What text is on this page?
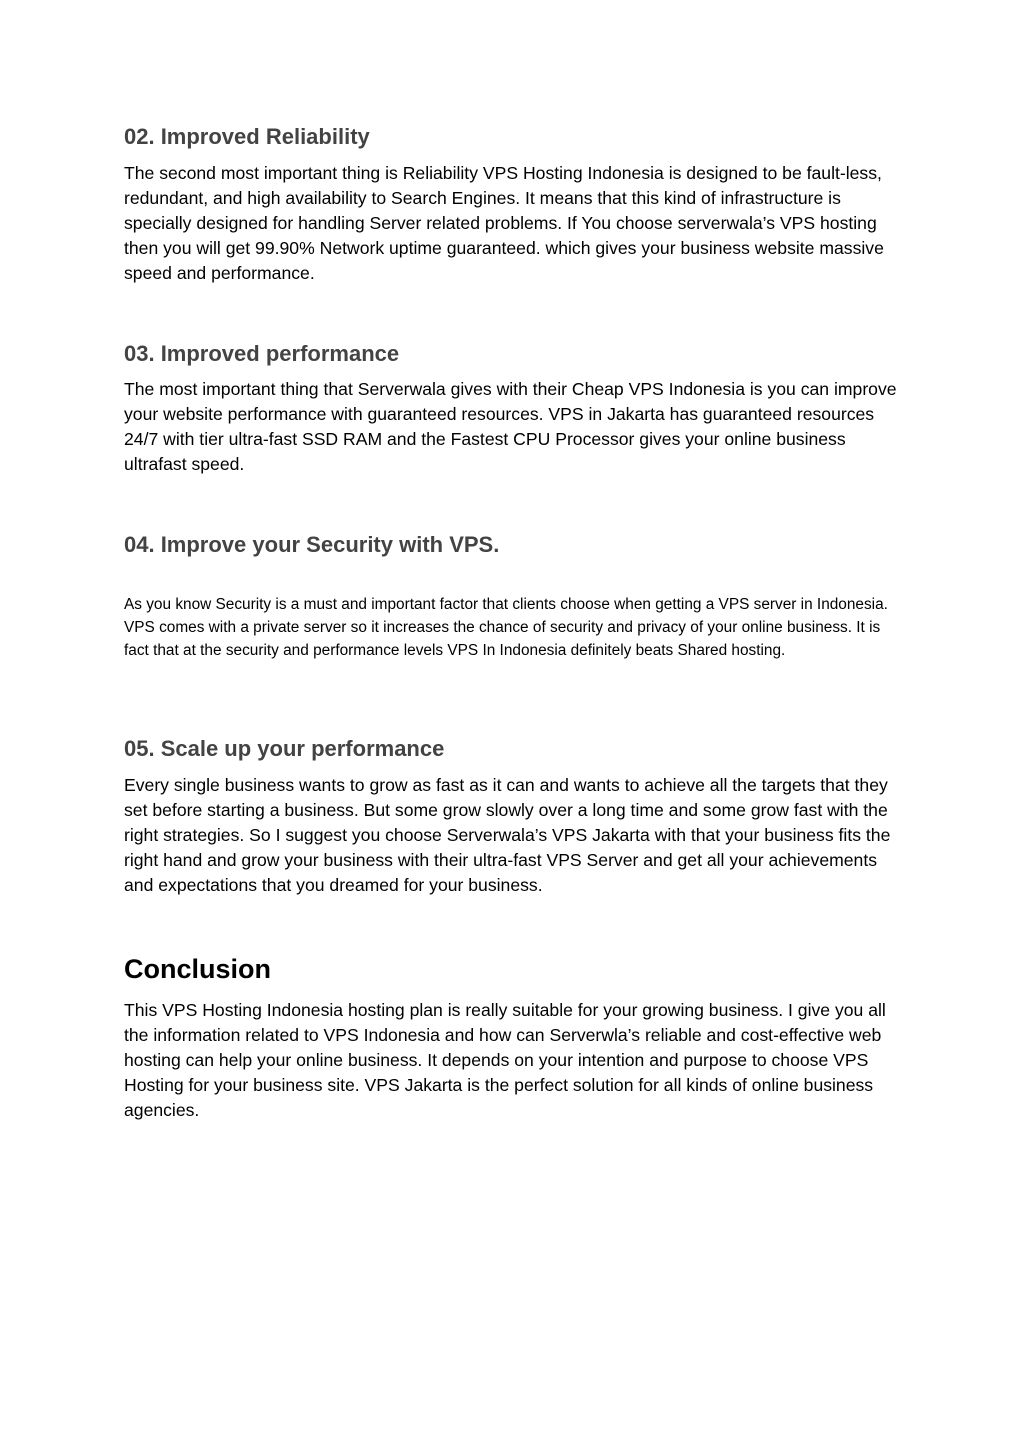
02. Improved Reliability

The second most important thing is Reliability VPS Hosting Indonesia is designed to be fault-less, redundant, and high availability to Search Engines. It means that this kind of infrastructure is specially designed for handling Server related problems. If You choose serverwala’s VPS hosting then you will get 99.90% Network uptime guaranteed. which gives your business website massive speed and performance.

03. Improved performance

The most important thing that Serverwala gives with their Cheap VPS Indonesia is you can improve your website performance with guaranteed resources. VPS in Jakarta has guaranteed resources 24/7 with tier ultra-fast SSD RAM and the Fastest CPU Processor gives your online business ultrafast speed.

04. Improve your Security with VPS.

As you know Security is a must and important factor that clients choose when getting a VPS server in Indonesia. VPS comes with a private server so it increases the chance of security and privacy of your online business. It is fact that at the security and performance levels VPS In Indonesia definitely beats Shared hosting.

05. Scale up your performance

Every single business wants to grow as fast as it can and wants to achieve all the targets that they set before starting a business. But some grow slowly over a long time and some grow fast with the right strategies. So I suggest you choose Serverwala’s VPS Jakarta with that your business fits the right hand and grow your business with their ultra-fast VPS Server and get all your achievements and expectations that you dreamed for your business.

Conclusion

This VPS Hosting Indonesia hosting plan is really suitable for your growing business. I give you all the information related to VPS Indonesia and how can Serverwla’s reliable and cost-effective web hosting can help your online business. It depends on your intention and purpose to choose VPS Hosting for your business site. VPS Jakarta is the perfect solution for all kinds of online business agencies.
